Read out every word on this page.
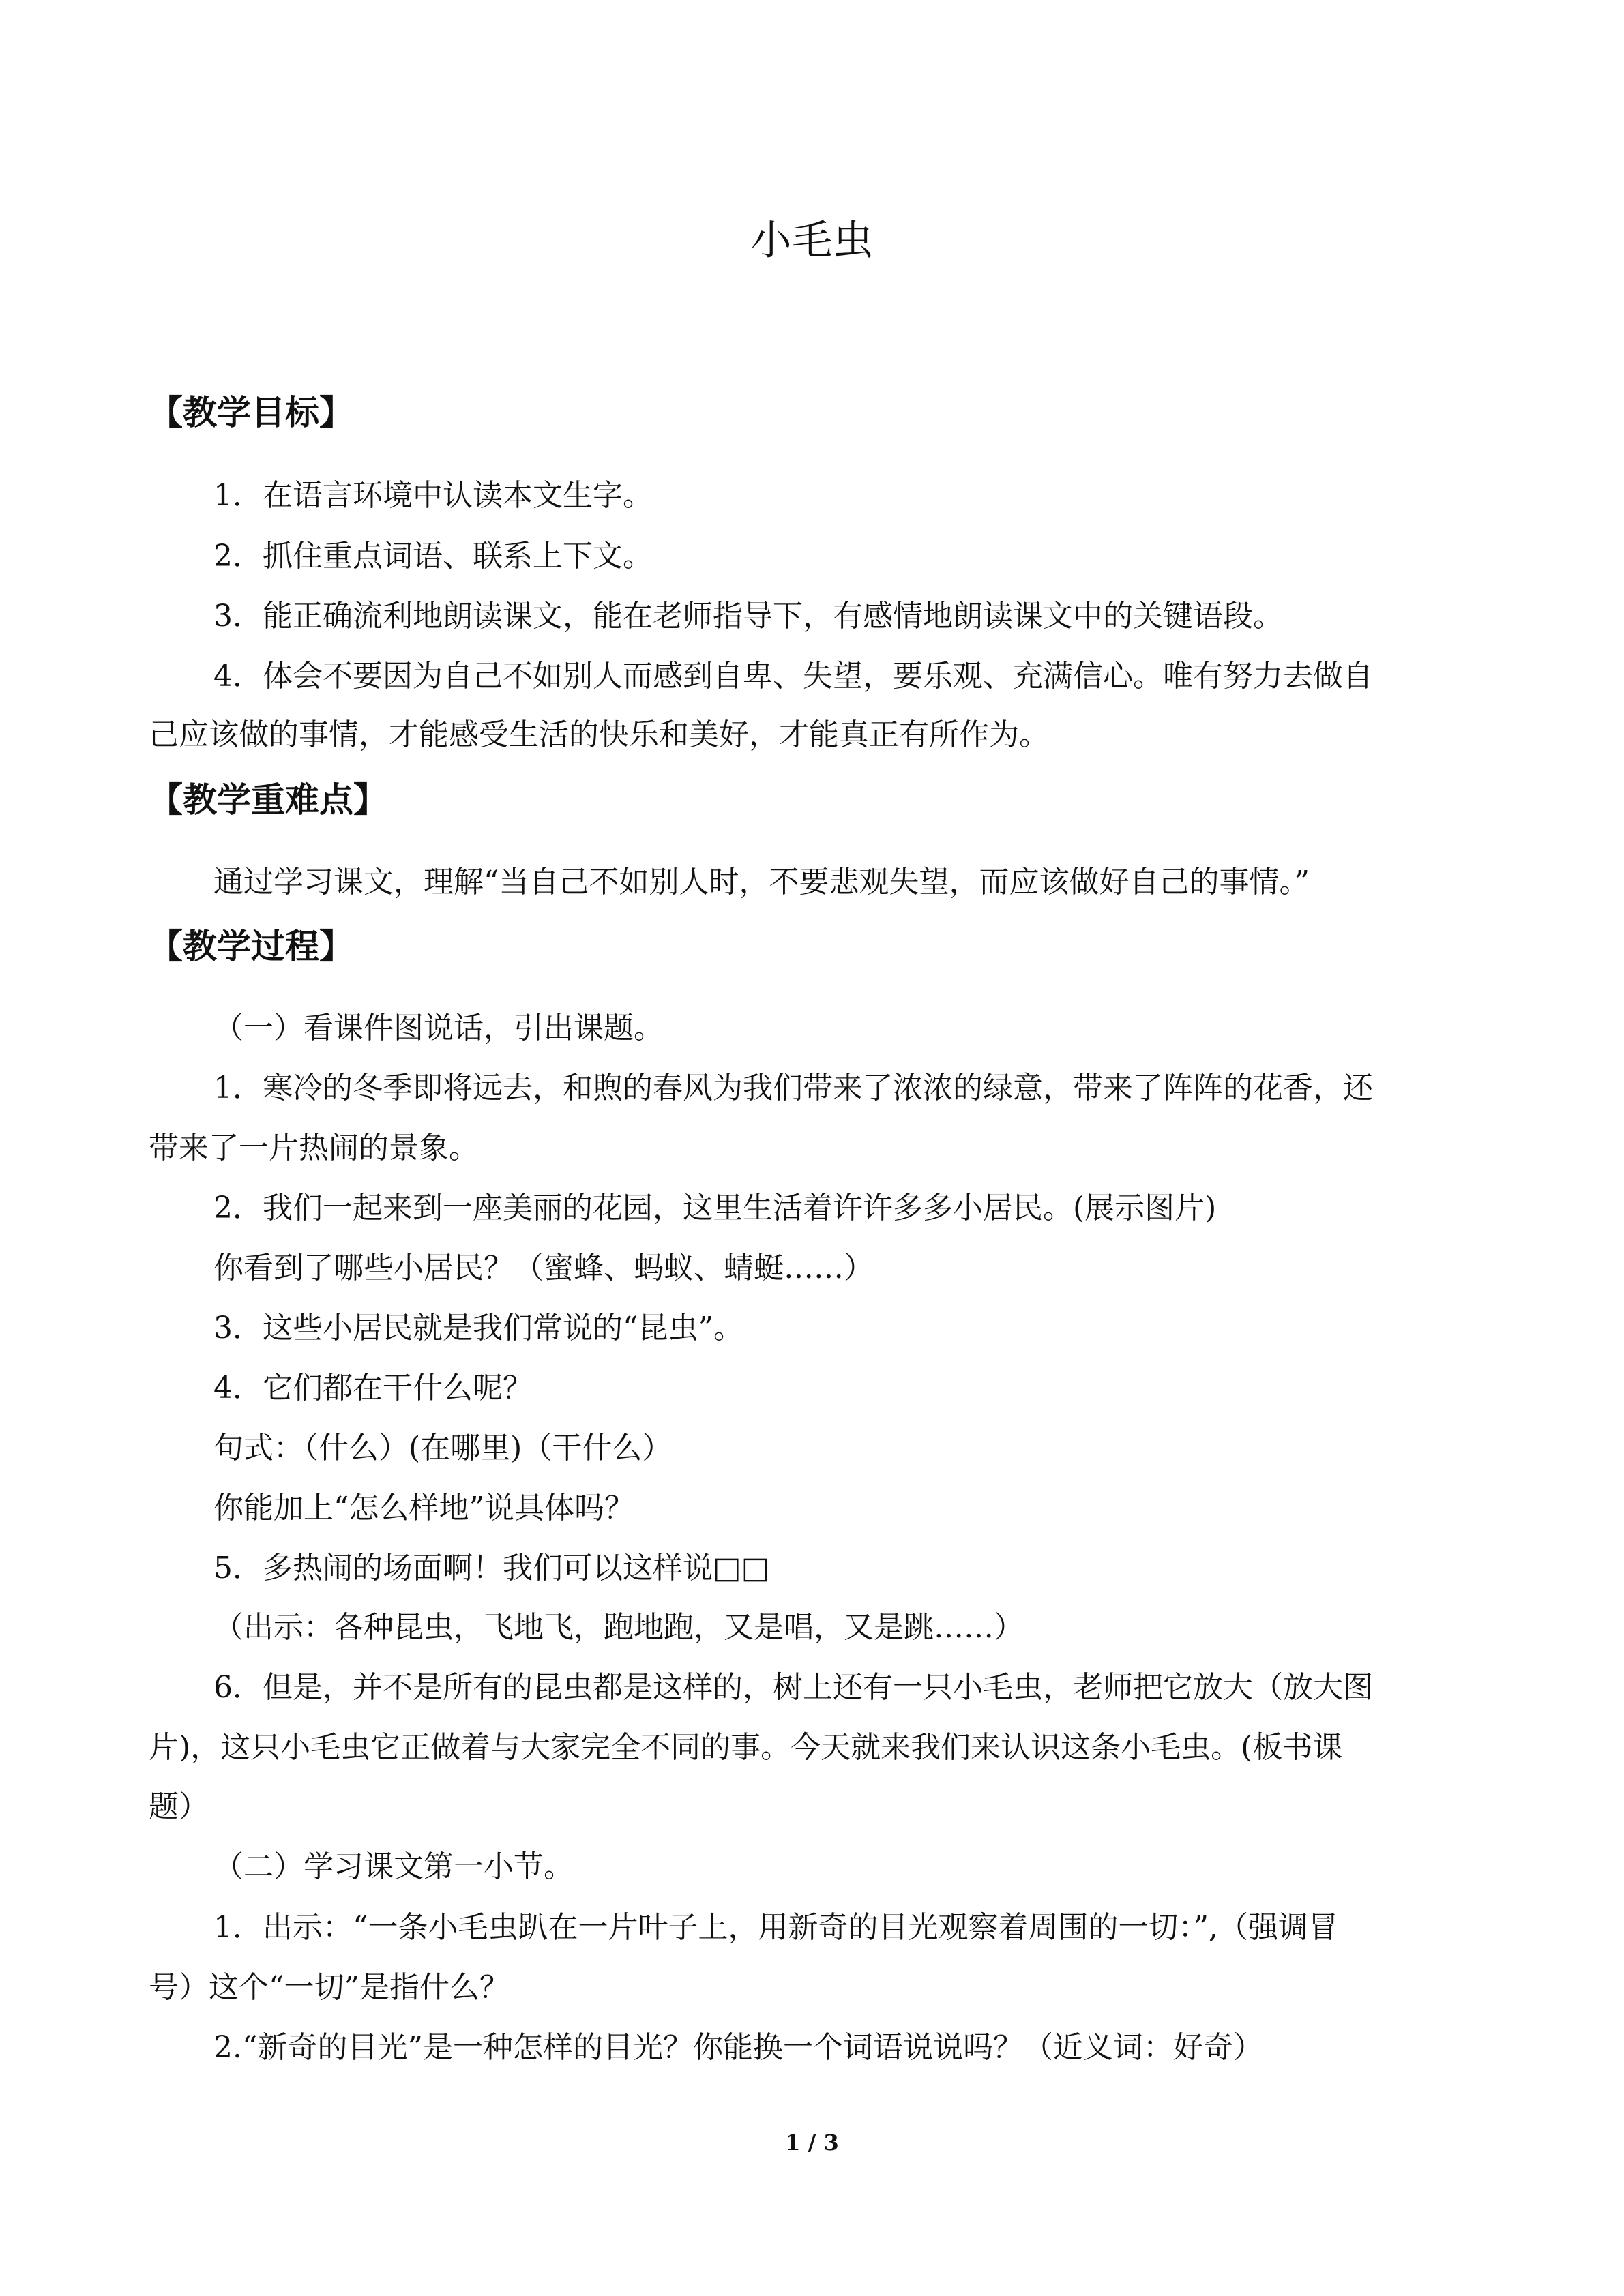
小毛虫
【教学目标】

1．在语言环境中认读本文生字。

2．抓住重点词语、联系上下文。

3．能正确流利地朗读课文，能在老师指导下，有感情地朗读课文中的关键语段。

4．体会不要因为自己不如别人而感到自卑、失望，要乐观、充满信心。唯有努力去做自

己应该做的事情，才能感受生活的快乐和美好，才能真正有所作为。

【教学重难点】

通过学习课文，理解“当自己不如别人时，不要悲观失望，而应该做好自己的事情。”

【教学过程】

（一）看课件图说话，引出课题。

1．寒冷的冬季即将远去，和煦的春风为我们带来了浓浓的绿意，带来了阵阵的花香，还

带来了一片热闹的景象。

2．我们一起来到一座美丽的花园，这里生活着许许多多小居民。(展示图片)

你看到了哪些小居民？（蜜蜂、蚂蚁、蜻蜓……）

3．这些小居民就是我们常说的“昆虫”。

4．它们都在干什么呢？

句式：（什么）(在哪里)（干什么）

你能加上“怎么样地”说具体吗？

5．多热闹的场面啊！我们可以这样说□□

（出示：各种昆虫，飞地飞，跑地跑，又是唱，又是跳……）

6．但是，并不是所有的昆虫都是这样的，树上还有一只小毛虫，老师把它放大（放大图

片)，这只小毛虫它正做着与大家完全不同的事。今天就来我们来认识这条小毛虫。(板书课

题）

（二）学习课文第一小节。

1．出示：“一条小毛虫趴在一片叶子上，用新奇的目光观察着周围的一切：”,（强调冒

号）这个“一切”是指什么？

2.“新奇的目光”是一种怎样的目光？你能换一个词语说说吗？（近义词：好奇）

1 / 3
